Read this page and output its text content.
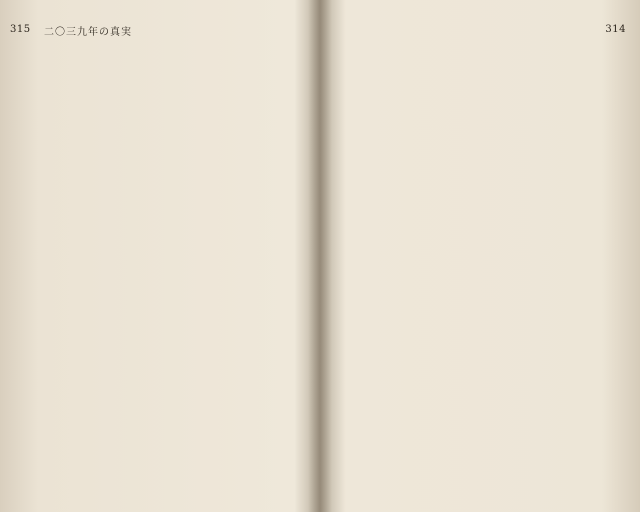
315 二〇三九年の真実	314
